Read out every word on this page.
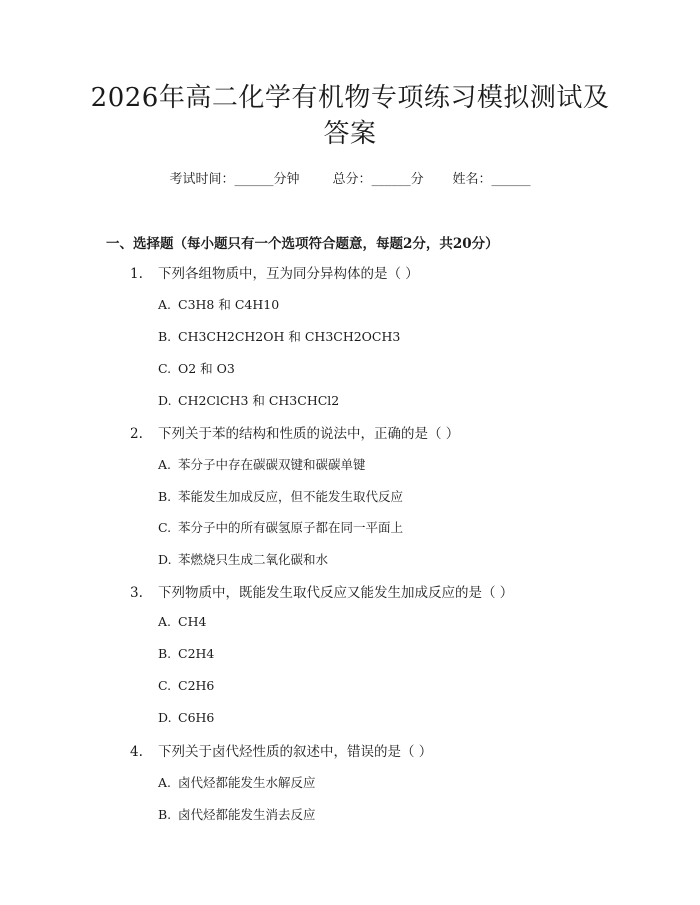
2026年高二化学有机物专项练习模拟测试及答案
考试时间：______分钟	总分：______分 姓名：______
一、选择题（每小题只有一个选项符合题意，每题2分，共20分）
1. 下列各组物质中，互为同分异构体的是（ ）
A. C3H8 和 C4H10
B. CH3CH2CH2OH 和 CH3CH2OCH3
C. O2 和 O3
D. CH2ClCH3 和 CH3CHCl2
2. 下列关于苯的结构和性质的说法中，正确的是（ ）
A. 苯分子中存在碳碳双键和碳碳单键
B. 苯能发生加成反应，但不能发生取代反应
C. 苯分子中的所有碳氢原子都在同一平面上
D. 苯燃烧只生成二氧化碳和水
3. 下列物质中，既能发生取代反应又能发生加成反应的是（ ）
A. CH4
B. C2H4
C. C2H6
D. C6H6
4. 下列关于卤代烃性质的叙述中，错误的是（ ）
A. 卤代烃都能发生水解反应
B. 卤代烃都能发生消去反应
